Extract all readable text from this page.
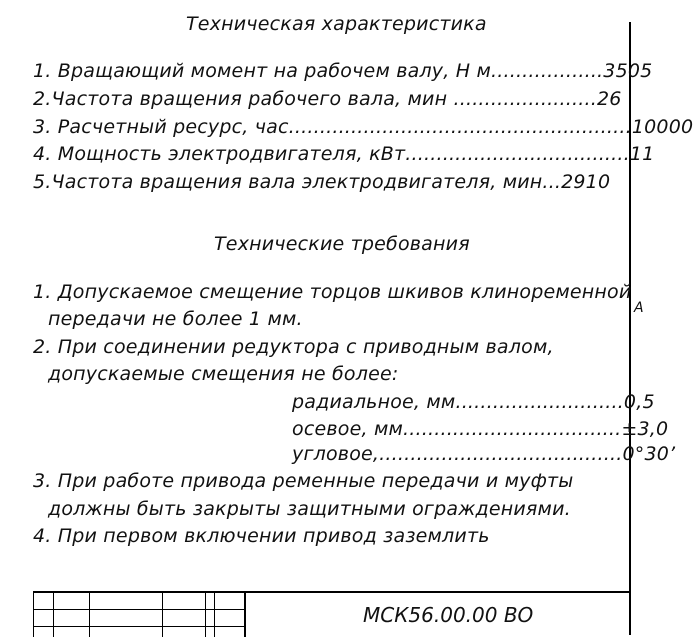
А
Техническая характеристика
1. Вращающий момент на рабочем валу, Н м..................3505
2.Частота вращения рабочего вала, мин .......................26
3. Расчетный ресурс, час.......................................................10000
4. Мощность электродвигателя, кВт....................................11
5.Частота вращения вала электродвигателя, мин...2910
Технические требования
1. Допускаемое смещение торцов шкивов клиноременной
передачи не более 1 мм.
2. При соединении редуктора с приводным валом,
допускаемые смещения не более:
радиальное, мм...........................0,5
осевое, мм...................................±3,0
угловое,.......................................0°30’
3. При работе привода ременные передачи и муфты
должны быть закрыты защитными ограждениями.
4. При первом включении привод заземлить
МСК56.00.00 ВО
